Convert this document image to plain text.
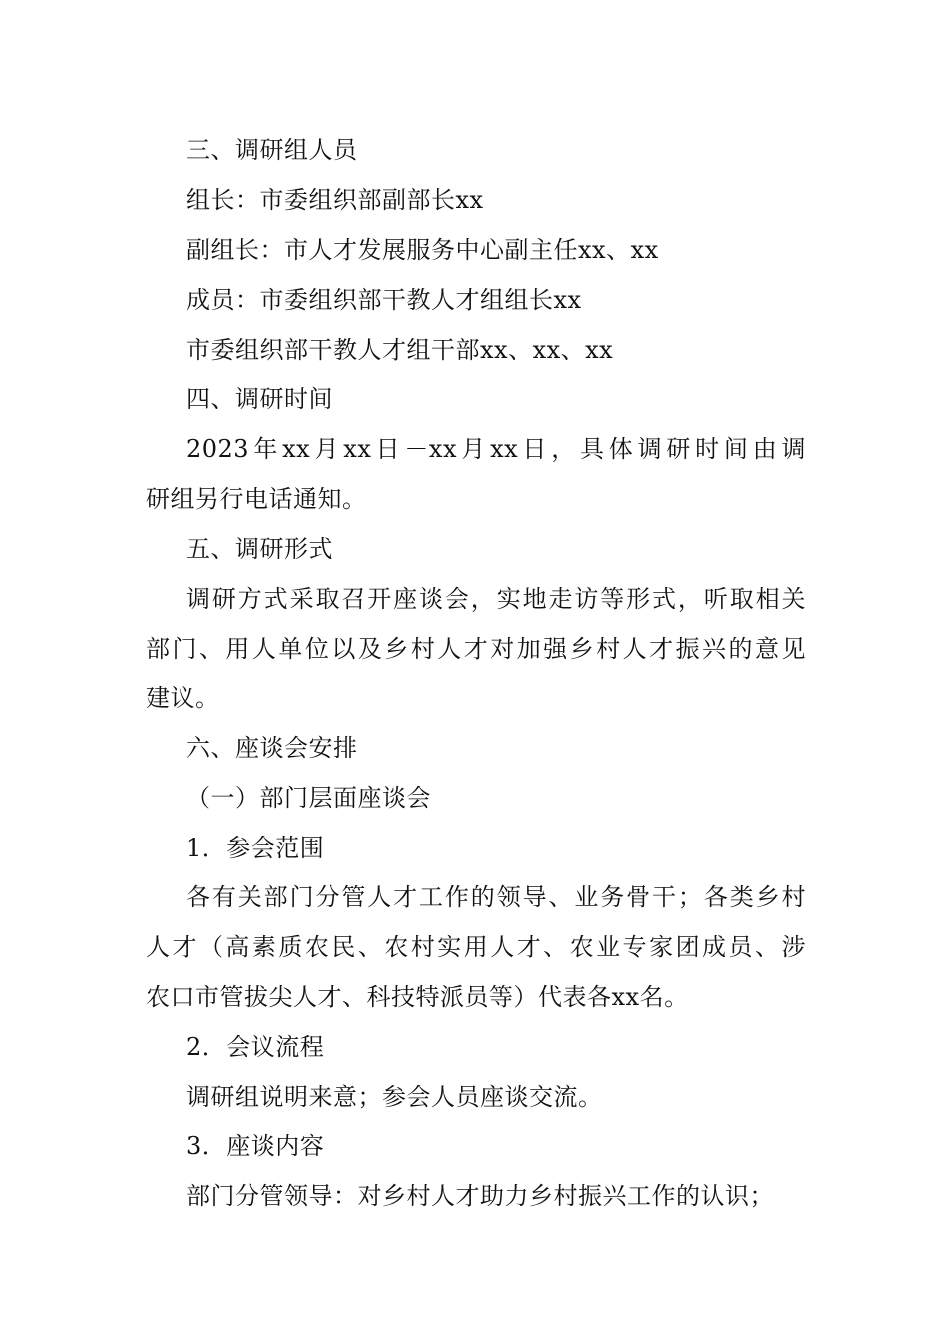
三、调研组人员
组长：市委组织部副部长xx
副组长：市人才发展服务中心副主任xx、xx
成员：市委组织部干教人才组组长xx
市委组织部干教人才组干部xx、xx、xx
四、调研时间
2023年xx月xx日－xx月xx日，具体调研时间由调
研组另行电话通知。
五、调研形式
调研方式采取召开座谈会，实地走访等形式，听取相关
部门、用人单位以及乡村人才对加强乡村人才振兴的意见
建议。
六、座谈会安排
（一）部门层面座谈会
1．参会范围
各有关部门分管人才工作的领导、业务骨干；各类乡村
人才（高素质农民、农村实用人才、农业专家团成员、涉
农口市管拔尖人才、科技特派员等）代表各xx名。
2．会议流程
调研组说明来意；参会人员座谈交流。
3．座谈内容
部门分管领导：对乡村人才助力乡村振兴工作的认识；
